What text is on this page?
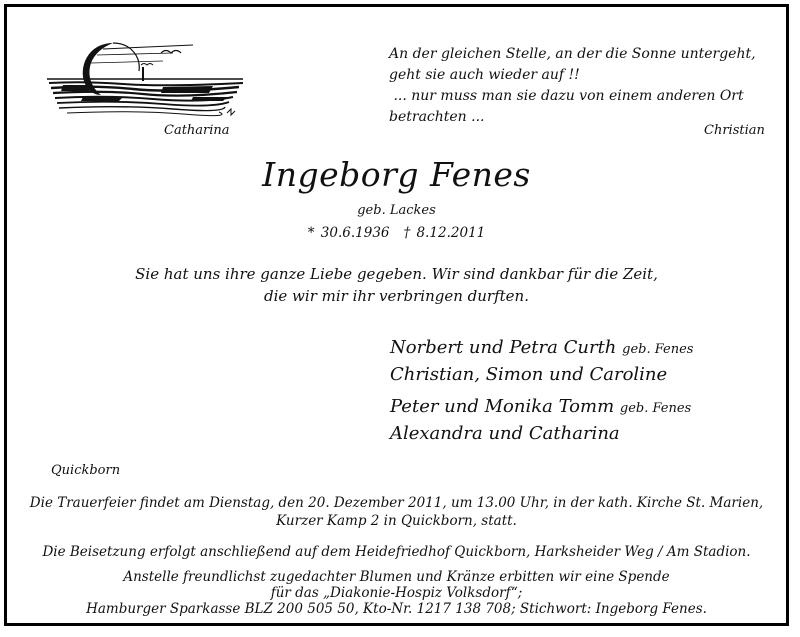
Catharina
An der gleichen Stelle, an der die Sonne untergeht,
geht sie auch wieder auf !!
... nur muss man sie dazu von einem anderen Ort
betrachten ...
Christian
Ingeborg Fenes
geb. Lackes
* 30.6.1936 † 8.12.2011
Sie hat uns ihre ganze Liebe gegeben. Wir sind dankbar für die Zeit,
die wir mir ihr verbringen durften.
Norbert und Petra Curth geb. Fenes
Christian, Simon und Caroline
Peter und Monika Tomm geb. Fenes
Alexandra und Catharina
Quickborn
Die Trauerfeier findet am Dienstag, den 20. Dezember 2011, um 13.00 Uhr, in der kath. Kirche St. Marien,
Kurzer Kamp 2 in Quickborn, statt.
Die Beisetzung erfolgt anschließend auf dem Heidefriedhof Quickborn, Harksheider Weg / Am Stadion.
Anstelle freundlichst zugedachter Blumen und Kränze erbitten wir eine Spende
für das „Diakonie-Hospiz Volksdorf“;
Hamburger Sparkasse BLZ 200 505 50, Kto-Nr. 1217 138 708; Stichwort: Ingeborg Fenes.
